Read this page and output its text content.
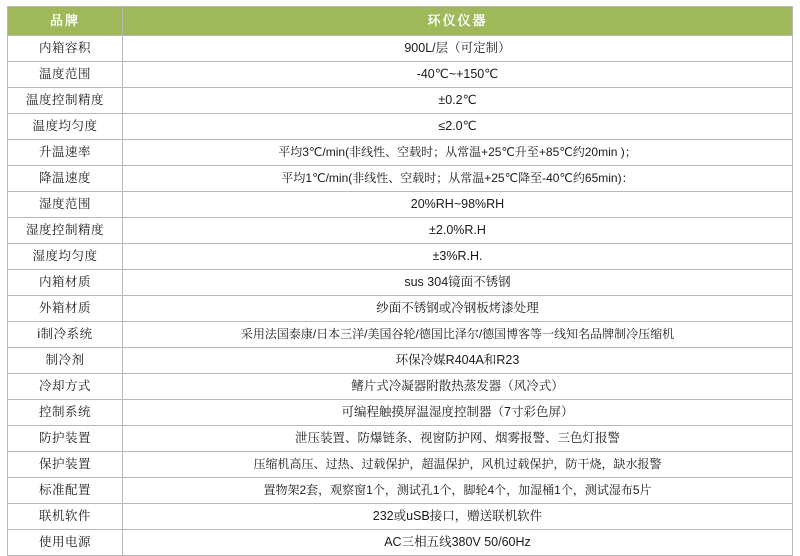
品牌	环仪仪器
内箱容积	900L/层（可定制）
温度范围	-40℃~+150℃
温度控制精度	±0.2℃
温度均匀度	≤2.0℃
升温速率	平均3℃/min(非线性、空载时；从常温+25℃升至+85℃约20min )；
降温速度	平均1℃/min(非线性、空载时；从常温+25℃降至-40℃约65min)：
湿度范围	20%RH~98%RH
湿度控制精度	±2.0%R.H
湿度均匀度	±3%R.H.
内箱材质	sus 304镜面不锈钢
外箱材质	纱面不锈钢或冷钢板烤漆处理
i制冷系统	采用法国泰康/日本三洋/美国谷轮/德国比泽尔/德国博客等一线知名品牌制冷压缩机
制冷剂	环保冷媒R404A和R23
冷却方式	鳍片式冷凝器附散热蒸发器（风冷式）
控制系统	可编程触摸屏温湿度控制器（7寸彩色屏）
防护装置	泄压装置、防爆链条、视窗防护网、烟雾报警、三色灯报警
保护装置	压缩机高压、过热、过载保护，超温保护，风机过载保护，防干烧，缺水报警
标准配置	置物架2套，观察窗1个，测试孔1个，脚轮4个，加湿桶1个，测试湿布5片
联机软件	232或uSB接口，赠送联机软件
使用电源	AC三相五线380V 50/60Hz
